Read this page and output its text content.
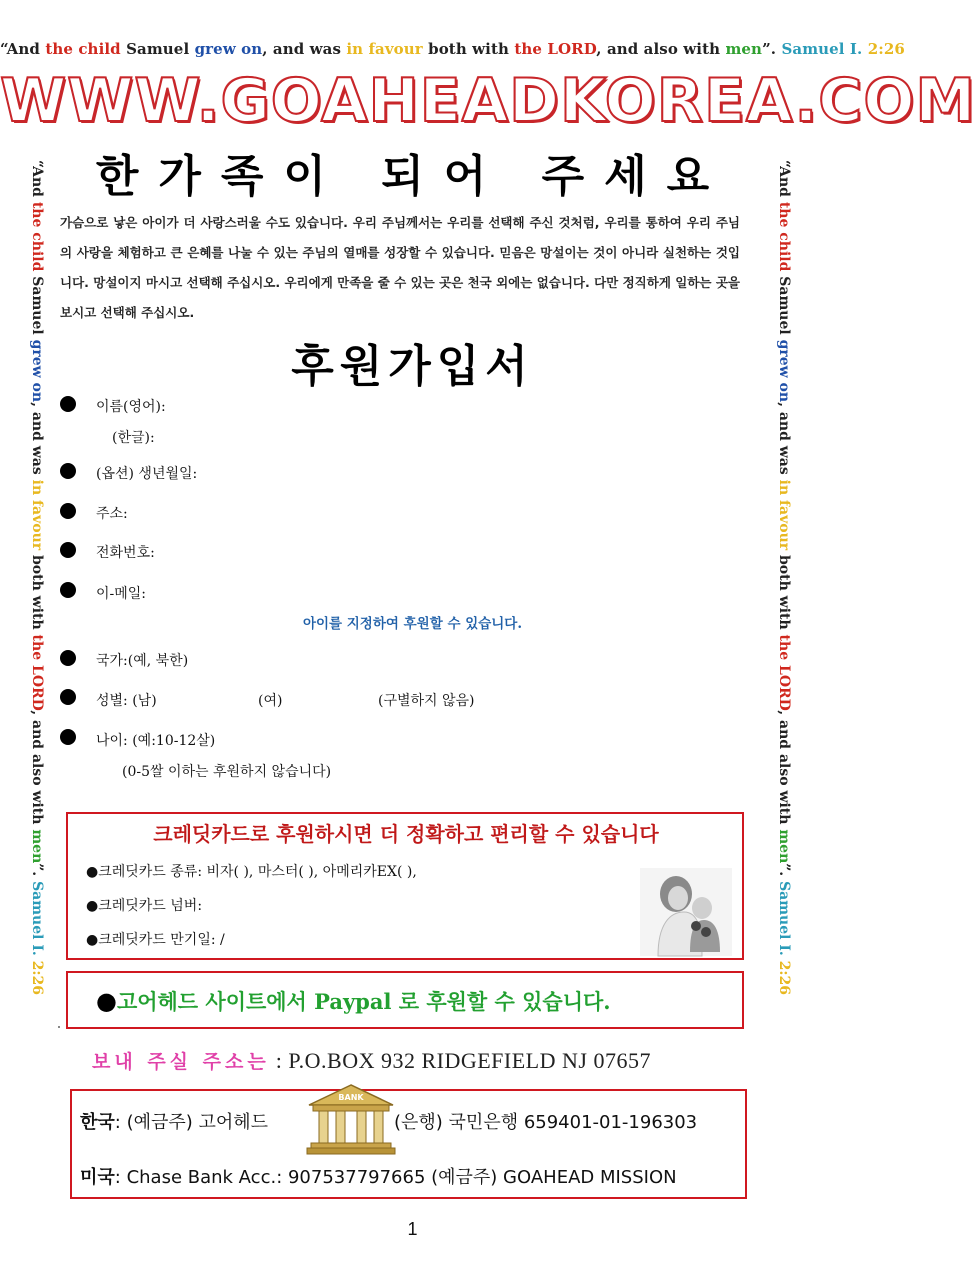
“And the child Samuel grew on, and was in favour both with the LORD, and also with men”. Samuel I. 2:26
“And the child Samuel grew on, and was in favour both with the LORD, and also with men”. Samuel I. 2:26
“And the child Samuel grew on, and was in favour both with the LORD, and also with men”. Samuel I. 2:26
WWW.GOAHEADKOREA.COM
한가족이 되어 주세요
가슴으로 낳은 아이가 더 사랑스러울 수도 있습니다. 우리 주님께서는 우리를 선택해 주신 것처럼, 우리를 통하여 우리 주님의 사랑을 체험하고 큰 은혜를 나눌 수 있는 주님의 열매를 성장할 수 있습니다. 믿음은 망설이는 것이 아니라 실천하는 것입니다. 망설이지 마시고 선택해 주십시오. 우리에게 만족을 줄 수 있는 곳은 천국 외에는 없습니다. 다만 정직하게 일하는 곳을 보시고 선택해 주십시오.
후원가입서
이름(영어):
(한글):
(옵션) 생년월일:
주소:
전화번호:
이-메일:
아이를 지정하여 후원할 수 있습니다.
국가:(예, 북한)
성별: (남)	(여)	(구별하지 않음)
나이: (예:10-12살)
(0-5쌀 이하는 후원하지 않습니다)
크레딧카드로 후원하시면 더 정확하고 편리할 수 있습니다
●크레딧카드 종류: 비자( ), 마스터( ), 아메리카EX( ),
●크레딧카드 넘버:
●크레딧카드 만기일: /
●고어헤드 사이트에서 Paypal 로 후원할 수 있습니다.
보내 주실 주소는 : P.O.BOX 932 RIDGEFIELD NJ 07657
BANK
한국: (예금주) 고어헤드	(은행) 국민은행 659401-01-196303
미국: Chase Bank Acc.: 907537797665 (예금주) GOAHEAD MISSION
1
